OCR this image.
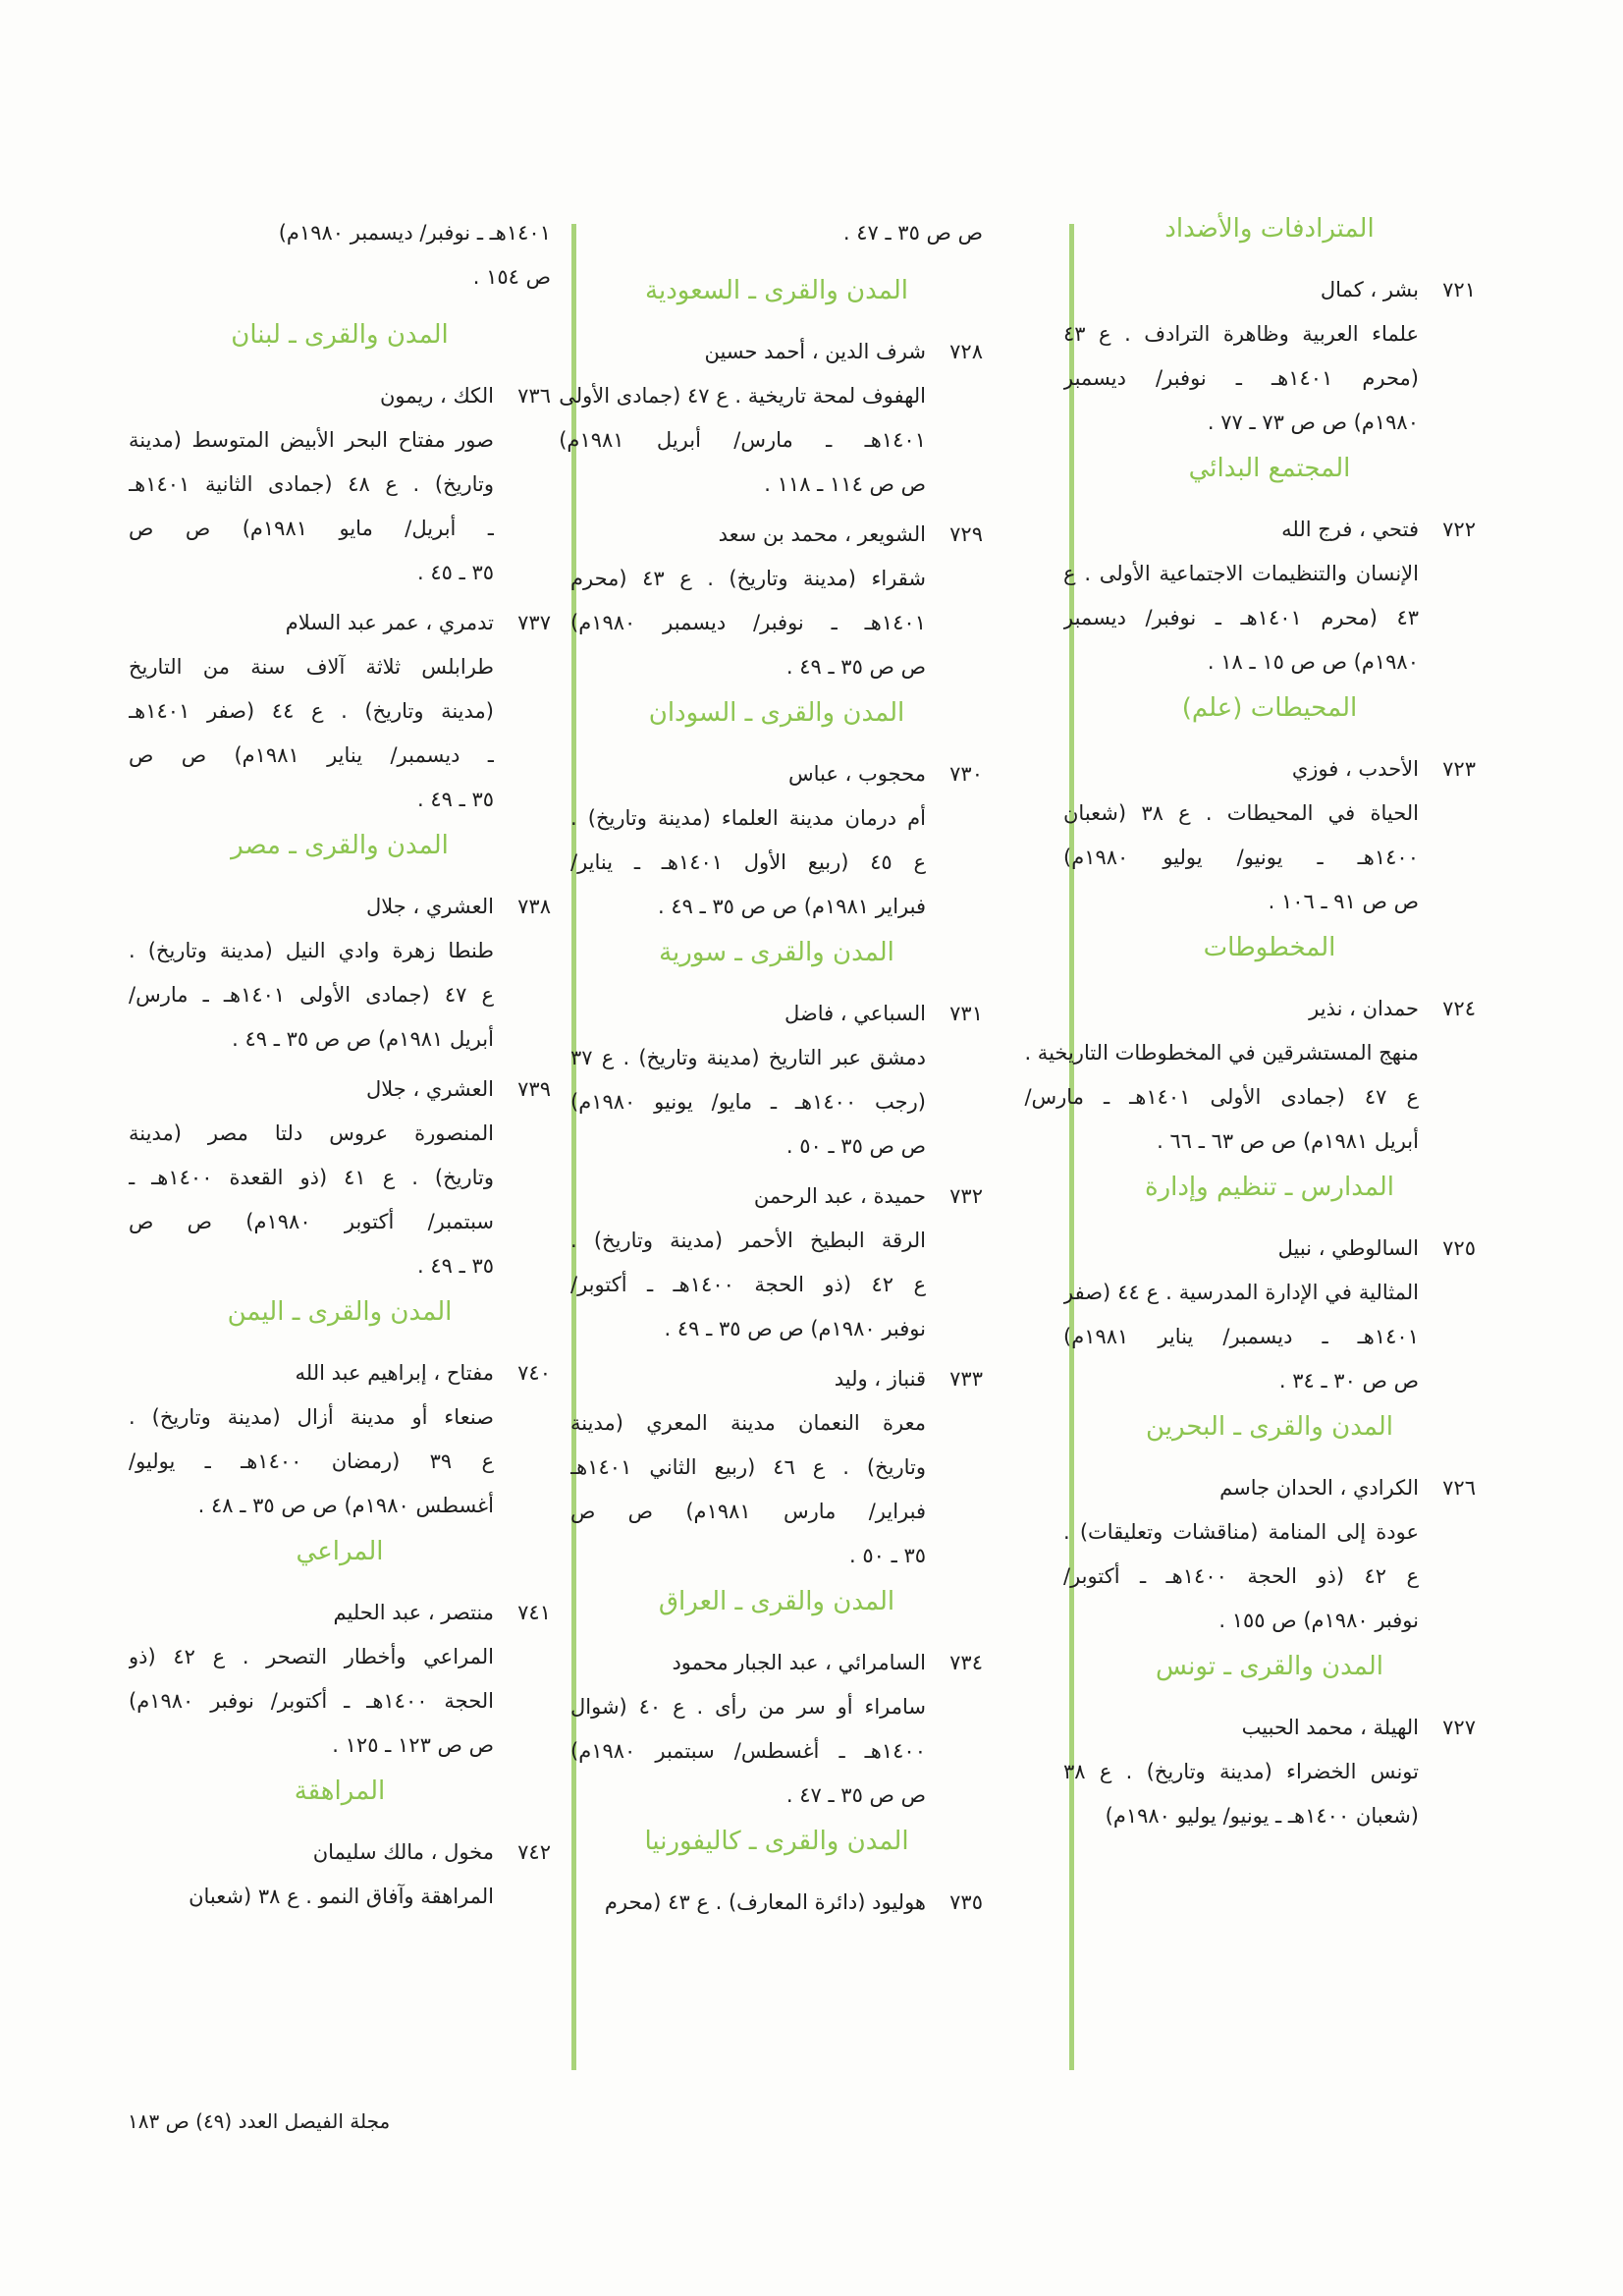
المترادفات والأضداد
٧٢١
بشر ، كمال
علماء العربية وظاهرة الترادف . ع ٤٣
(محرم ١٤٠١هـ ـ نوفبر/ ديسمبر
١٩٨٠م) ص ص ٧٣ ـ ٧٧ .
المجتمع البدائي
٧٢٢
فتحي ، فرج الله
الإنسان والتنظيمات الاجتماعية الأولى . ع
٤٣ (محرم ١٤٠١هـ ـ نوفبر/ ديسمبر
١٩٨٠م) ص ص ١٥ ـ ١٨ .
المحيطات (علم)
٧٢٣
الأحدب ، فوزي
الحياة في المحيطات . ع ٣٨ (شعبان
١٤٠٠هـ ـ يونيو/ يوليو ١٩٨٠م)
ص ص ٩١ ـ ١٠٦ .
المخطوطات
٧٢٤
حمدان ، نذير
منهج المستشرقين في المخطوطات التاريخية .
ع ٤٧ (جمادى الأولى ١٤٠١هـ ـ مارس/
أبريل ١٩٨١م) ص ص ٦٣ ـ ٦٦ .
المدارس ـ تنظيم وإدارة
٧٢٥
السالوطي ، نبيل
المثالية في الإدارة المدرسية . ع ٤٤ (صفر
١٤٠١هـ ـ ديسمبر/ يناير ١٩٨١م)
ص ص ٣٠ ـ ٣٤ .
المدن والقرى ـ البحرين
٧٢٦
الكرادي ، الحدان جاسم
عودة إلى المنامة (مناقشات وتعليقات) .
ع ٤٢ (ذو الحجة ١٤٠٠هـ ـ أكتوبر/
نوفبر ١٩٨٠م) ص ١٥٥ .
المدن والقرى ـ تونس
٧٢٧
الهيلة ، محمد الحبيب
تونس الخضراء (مدينة وتاريخ) . ع ٣٨
(شعبان ١٤٠٠هـ ـ يونيو/ يوليو ١٩٨٠م)
ص ص ٣٥ ـ ٤٧ .
المدن والقرى ـ السعودية
٧٢٨
شرف الدين ، أحمد حسين
الهفوف لمحة تاريخية . ع ٤٧ (جمادى الأولى
١٤٠١هـ ـ مارس/ أبريل ١٩٨١م)
ص ص ١١٤ ـ ١١٨ .
٧٢٩
الشويعر ، محمد بن سعد
شقراء (مدينة وتاريخ) . ع ٤٣ (محرم
١٤٠١هـ ـ نوفبر/ ديسمبر ١٩٨٠م)
ص ص ٣٥ ـ ٤٩ .
المدن والقرى ـ السودان
٧٣٠
محجوب ، عباس
أم درمان مدينة العلماء (مدينة وتاريخ) .
ع ٤٥ (ربيع الأول ١٤٠١هـ ـ يناير/
فبراير ١٩٨١م) ص ص ٣٥ ـ ٤٩ .
المدن والقرى ـ سورية
٧٣١
السباعي ، فاضل
دمشق عبر التاريخ (مدينة وتاريخ) . ع ٣٧
(رجب ١٤٠٠هـ ـ مايو/ يونيو ١٩٨٠م)
ص ص ٣٥ ـ ٥٠ .
٧٣٢
حميدة ، عبد الرحمن
الرقة البطيخ الأحمر (مدينة وتاريخ) .
ع ٤٢ (ذو الحجة ١٤٠٠هـ ـ أكتوبر/
نوفبر ١٩٨٠م) ص ص ٣٥ ـ ٤٩ .
٧٣٣
قنباز ، وليد
معرة النعمان مدينة المعري (مدينة
وتاريخ) . ع ٤٦ (ربيع الثاني ١٤٠١هـ
فبراير/ مارس ١٩٨١م) ص ص
٣٥ ـ ٥٠ .
المدن والقرى ـ العراق
٧٣٤
السامرائي ، عبد الجبار محمود
سامراء أو سر من رأى . ع ٤٠ (شوال
١٤٠٠هـ ـ أغسطس/ سبتمبر ١٩٨٠م)
ص ص ٣٥ ـ ٤٧ .
المدن والقرى ـ كاليفورنيا
٧٣٥
هوليود (دائرة المعارف) . ع ٤٣ (محرم
١٤٠١هـ ـ نوفبر/ ديسمبر ١٩٨٠م)
ص ١٥٤ .
المدن والقرى ـ لبنان
٧٣٦
الكك ، ريمون
صور مفتاح البحر الأبيض المتوسط (مدينة
وتاريخ) . ع ٤٨ (جمادى الثانية ١٤٠١هـ
ـ أبريل/ مايو ١٩٨١م) ص ص
٣٥ ـ ٤٥ .
٧٣٧
تدمري ، عمر عبد السلام
طرابلس ثلاثة آلاف سنة من التاريخ
(مدينة وتاريخ) . ع ٤٤ (صفر ١٤٠١هـ
ـ ديسمبر/ يناير ١٩٨١م) ص ص
٣٥ ـ ٤٩ .
المدن والقرى ـ مصر
٧٣٨
العشري ، جلال
طنطا زهرة وادي النيل (مدينة وتاريخ) .
ع ٤٧ (جمادى الأولى ١٤٠١هـ ـ مارس/
أبريل ١٩٨١م) ص ص ٣٥ ـ ٤٩ .
٧٣٩
العشري ، جلال
المنصورة عروس دلتا مصر (مدينة
وتاريخ) . ع ٤١ (ذو القعدة ١٤٠٠هـ ـ
سبتمبر/ أكتوبر ١٩٨٠م) ص ص
٣٥ ـ ٤٩ .
المدن والقرى ـ اليمن
٧٤٠
مفتاح ، إبراهيم عبد الله
صنعاء أو مدينة أزال (مدينة وتاريخ) .
ع ٣٩ (رمضان ١٤٠٠هـ ـ يوليو/
أغسطس ١٩٨٠م) ص ص ٣٥ ـ ٤٨ .
المراعي
٧٤١
منتصر ، عبد الحليم
المراعي وأخطار التصحر . ع ٤٢ (ذو
الحجة ١٤٠٠هـ ـ أكتوبر/ نوفبر ١٩٨٠م)
ص ص ١٢٣ ـ ١٢٥ .
المراهقة
٧٤٢
مخول ، مالك سليمان
المراهقة وآفاق النمو . ع ٣٨ (شعبان
مجلة الفيصل العدد (٤٩) ص ١٨٣
